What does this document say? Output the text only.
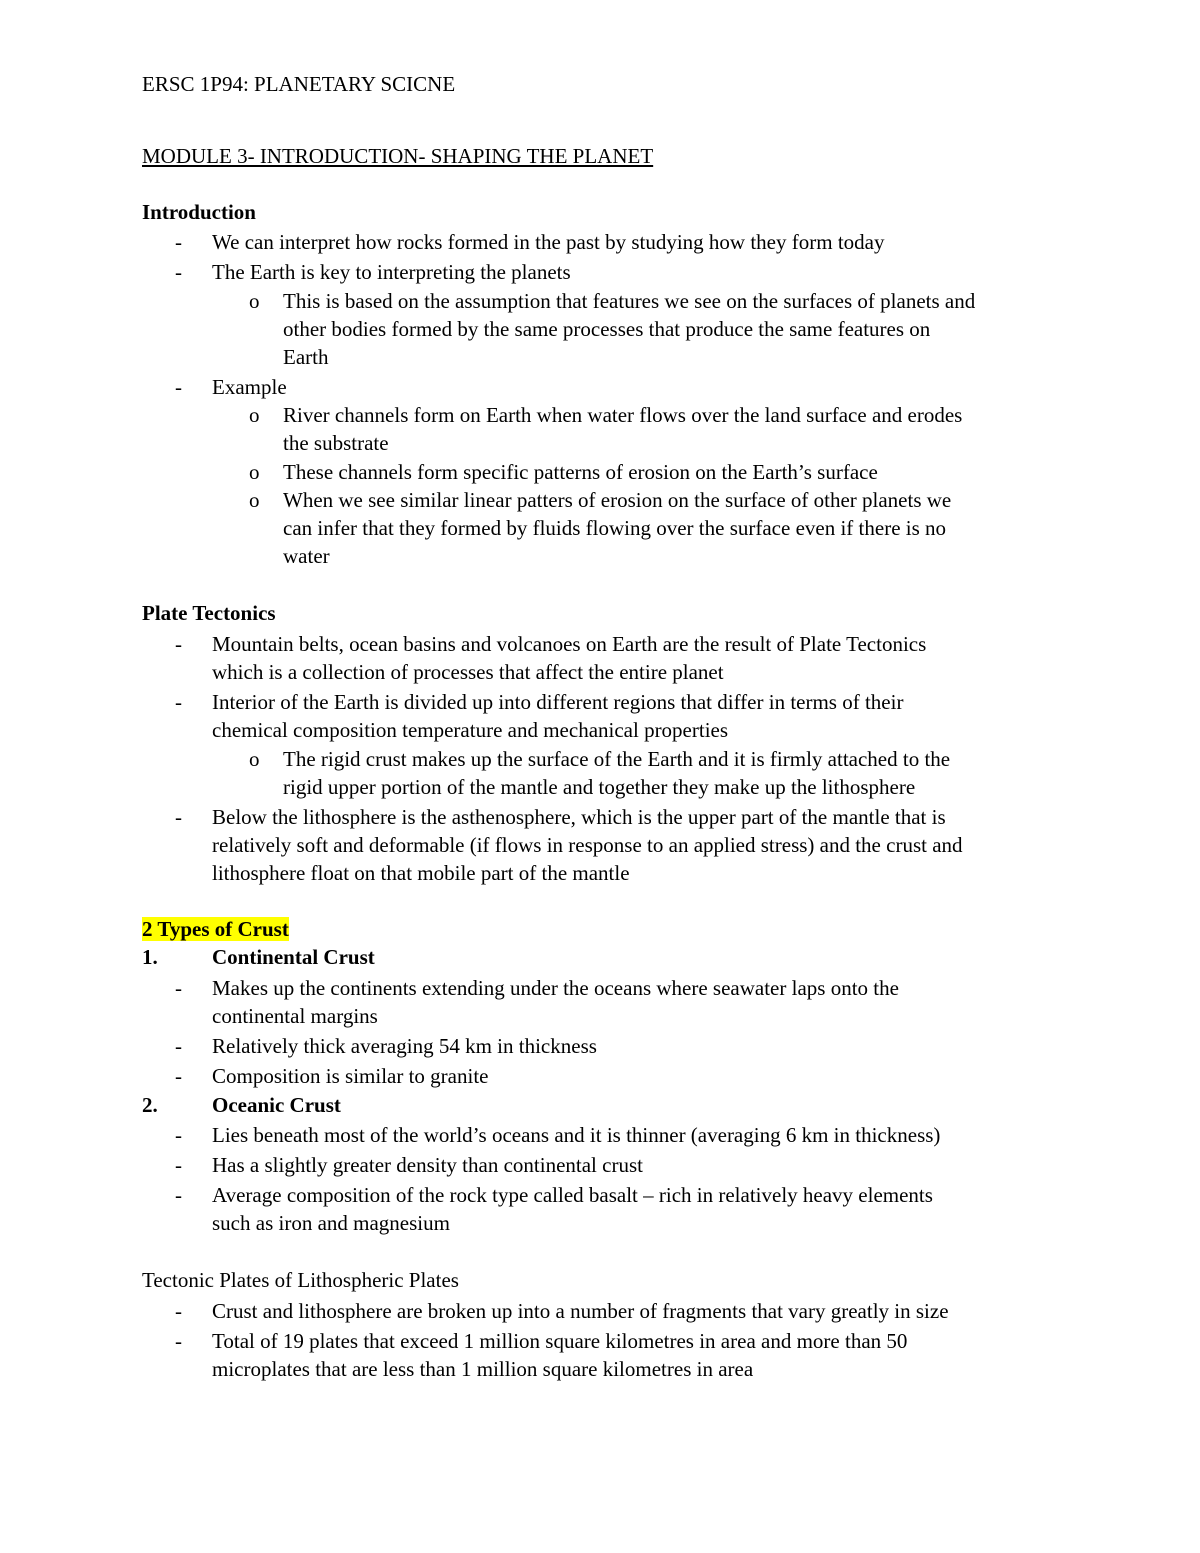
ERSC 1P94: PLANETARY SCICNE
MODULE 3- INTRODUCTION- SHAPING THE PLANET
Introduction
- We can interpret how rocks formed in the past by studying how they form today
- The Earth is key to interpreting the planets
o This is based on the assumption that features we see on the surfaces of planets and
other bodies formed by the same processes that produce the same features on
Earth
- Example
o River channels form on Earth when water flows over the land surface and erodes
the substrate
o These channels form specific patterns of erosion on the Earth’s surface
o When we see similar linear patters of erosion on the surface of other planets we
can infer that they formed by fluids flowing over the surface even if there is no
water
Plate Tectonics
- Mountain belts, ocean basins and volcanoes on Earth are the result of Plate Tectonics
which is a collection of processes that affect the entire planet
- Interior of the Earth is divided up into different regions that differ in terms of their
chemical composition temperature and mechanical properties
o The rigid crust makes up the surface of the Earth and it is firmly attached to the
rigid upper portion of the mantle and together they make up the lithosphere
- Below the lithosphere is the asthenosphere, which is the upper part of the mantle that is
relatively soft and deformable (if flows in response to an applied stress) and the crust and
lithosphere float on that mobile part of the mantle
2 Types of Crust
1.	Continental Crust
- Makes up the continents extending under the oceans where seawater laps onto the
continental margins
- Relatively thick averaging 54 km in thickness
- Composition is similar to granite
2.	Oceanic Crust
- Lies beneath most of the world’s oceans and it is thinner (averaging 6 km in thickness)
- Has a slightly greater density than continental crust
- Average composition of the rock type called basalt – rich in relatively heavy elements
such as iron and magnesium
Tectonic Plates of Lithospheric Plates
- Crust and lithosphere are broken up into a number of fragments that vary greatly in size
- Total of 19 plates that exceed 1 million square kilometres in area and more than 50
microplates that are less than 1 million square kilometres in area
